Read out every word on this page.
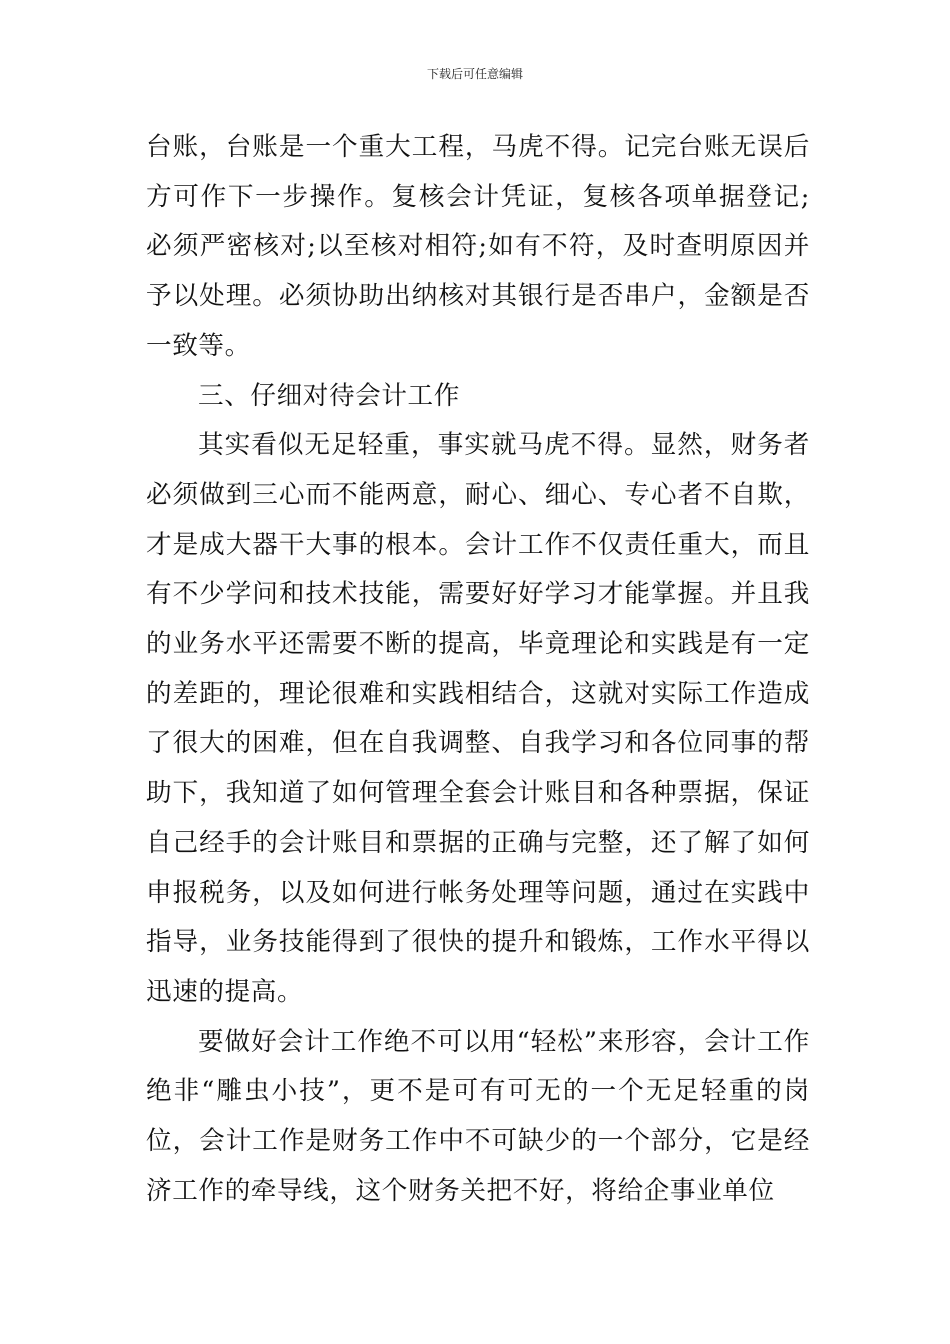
下载后可任意编辑

台账，台账是一个重大工程，马虎不得。记完台账无误后方可作下一步操作。复核会计凭证，复核各项单据登记;必须严密核对;以至核对相符;如有不符，及时查明原因并予以处理。必须协助出纳核对其银行是否串户，金额是否一致等。

三、仔细对待会计工作

其实看似无足轻重，事实就马虎不得。显然，财务者必须做到三心而不能两意，耐心、细心、专心者不自欺，才是成大器干大事的根本。会计工作不仅责任重大，而且有不少学问和技术技能，需要好好学习才能掌握。并且我的业务水平还需要不断的提高，毕竟理论和实践是有一定的差距的，理论很难和实践相结合，这就对实际工作造成了很大的困难，但在自我调整、自我学习和各位同事的帮助下，我知道了如何管理全套会计账目和各种票据，保证自己经手的会计账目和票据的正确与完整，还了解了如何申报税务，以及如何进行帐务处理等问题，通过在实践中指导，业务技能得到了很快的提升和锻炼，工作水平得以迅速的提高。

要做好会计工作绝不可以用“轻松”来形容，会计工作绝非“雕虫小技”，更不是可有可无的一个无足轻重的岗位，会计工作是财务工作中不可缺少的一个部分，它是经济工作的牵导线，这个财务关把不好，将给企事业单位
